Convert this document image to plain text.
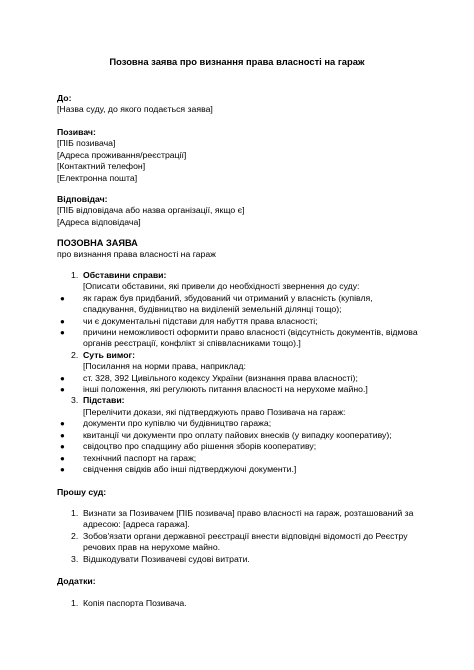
Позовна заява про визнання права власності на гараж
До:
[Назва суду, до якого подається заява]
Позивач:
[ПІБ позивача]
[Адреса проживання/реєстрації]
[Контактний телефон]
[Електронна пошта]
Відповідач:
[ПІБ відповідача або назва організації, якщо є]
[Адреса відповідача]
ПОЗОВНА ЗАЯВА
про визнання права власності на гараж
1. Обставини справи:
[Описати обставини, які привели до необхідності звернення до суду:
● як гараж був придбаний, збудований чи отриманий у власність (купівля, спадкування, будівництво на виділеній земельній ділянці тощо);
● чи є документальні підстави для набуття права власності;
● причини неможливості оформити право власності (відсутність документів, відмова органів реєстрації, конфлікт зі співвласниками тощо).]
2. Суть вимог:
[Посилання на норми права, наприклад:
● ст. 328, 392 Цивільного кодексу України (визнання права власності);
● інші положення, які регулюють питання власності на нерухоме майно.]
3. Підстави:
[Перелічити докази, які підтверджують право Позивача на гараж:
● документи про купівлю чи будівництво гаража;
● квитанції чи документи про оплату пайових внесків (у випадку кооперативу);
● свідоцтво про спадщину або рішення зборів кооперативу;
● технічний паспорт на гараж;
● свідчення свідків або інші підтверджуючі документи.]
Прошу суд:
1. Визнати за Позивачем [ПІБ позивача] право власності на гараж, розташований за адресою: [адреса гаража].
2. Зобов'язати органи державної реєстрації внести відповідні відомості до Реєстру речових прав на нерухоме майно.
3. Відшкодувати Позивачеві судові витрати.
Додатки:
1. Копія паспорта Позивача.
